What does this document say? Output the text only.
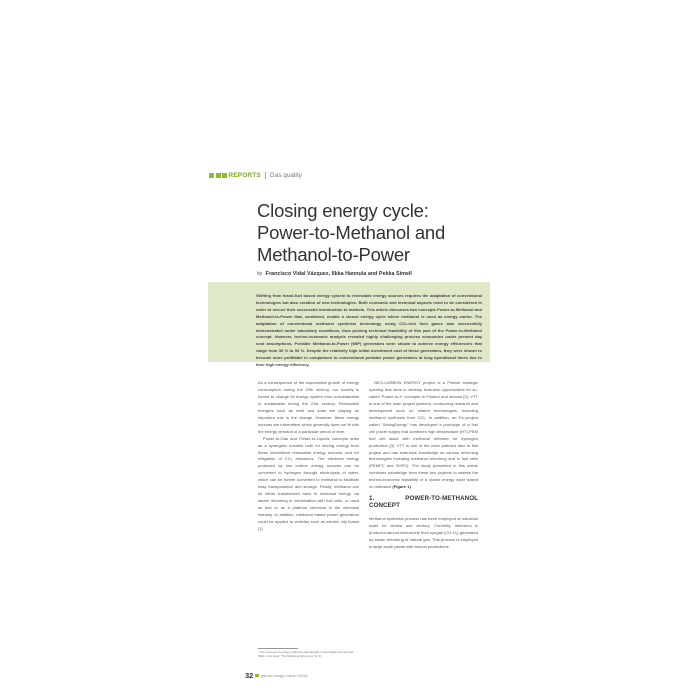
REPORTS Gas quality
Closing energy cycle:
Power-to-Methanol and
Methanol-to-Power
by Francisco Vidal Vázquez, Ilkka Hannula and Pekka Simell

Shifting from fossil-fuel based energy system to renewable energy sources requires the adaptation of conventional technologies but also creation of new technologies. Both economic and technical aspects need to be considered in order to secure their successful introduction to markets. This article discusses two concepts Power-to-Methanol and Methanol-to-Power that, combined, enable a closed energy cycle where methanol is used as energy carrier. The adaptation of conventional methanol synthesis technology using CO₂-rich feed gases was successfully demonstrated under laboratory conditions, thus proving technical feasibility of this part of the Power-to-Methanol concept. However, techno-economic analysis revealed highly challenging process economics under present day cost assumptions. Portable Methanol-to-Power (MtP) generators were shown to achieve energy efficiencies that range from 36 % to 53 %. Despite the relatively high initial investment cost of these generators, they were shown to become more profitable in comparison to conventional portable power generators at long operational times due to their high energy efficiency.

As a consequence of the exponential growth of energy consumption during the 20th century, our society is forced to change its energy system from unsustainable to sustainable during the 21st century. Renewable energies such as wind and solar are playing an important role in the change. However, these energy sources are intermittent which generally does not fit with the energy demand of a particular period of time.

Power-to-Gas and Power-to-Liquids concepts arise as a synergetic solution both for storing energy from these intermittent renewable energy sources, and for mitigation of CO₂ emissions. The electrical energy produced by low carbon energy sources can be converted to hydrogen through electrolysis of water, which can be further converted to methanol to facilitate easy transportation and storage. Finally, methanol can be either transformed back to electrical energy via steam reforming in combination with fuel cells, or used as fuel or as a platform chemical in the chemical industry. In addition, methanol based power generators could be applied to vehicles such as electric city buses [1].

NEO-CARBON ENERGY project is a Finnish strategic opening that aims to develop business opportunities for so-called 'Power-to-X' concepts in Finland and abroad [2]. VTT is one of the main project partners, conducting research and development work on related technologies, including methanol synthesis from CO₂. In addition, an EU-project called "SmingEnergy" has developed a prototype of a fuel cell power supply that combines high temperature (HT)-PEM fuel cell stack with methanol reformer for hydrogen production [3]. VTT is one of the main partners also in this project and has extensive knowledge on various reforming technologies including methanol reforming and in fuel cells (PEMFC and SOFC). The study presented in this article combines knowledge from these two projects to assess the techno-economic feasibility of a closed energy cycle based on methanol (Figure 1)

1. POWER-TO-METHANOL CONCEPT

Methanol synthesis process has been employed at industrial scale for almost one century. Currently, methanol is produced almost exclusively from syngas (CO-H₂) generated by steam reforming of natural gas. This process is employed in large-scale plants with annual productions

¹ The concept of energy methanol was already contemplated by George Olah in his book "The Methanol Economy" [1,4].

32 gas for energy • Issue 1/2016
